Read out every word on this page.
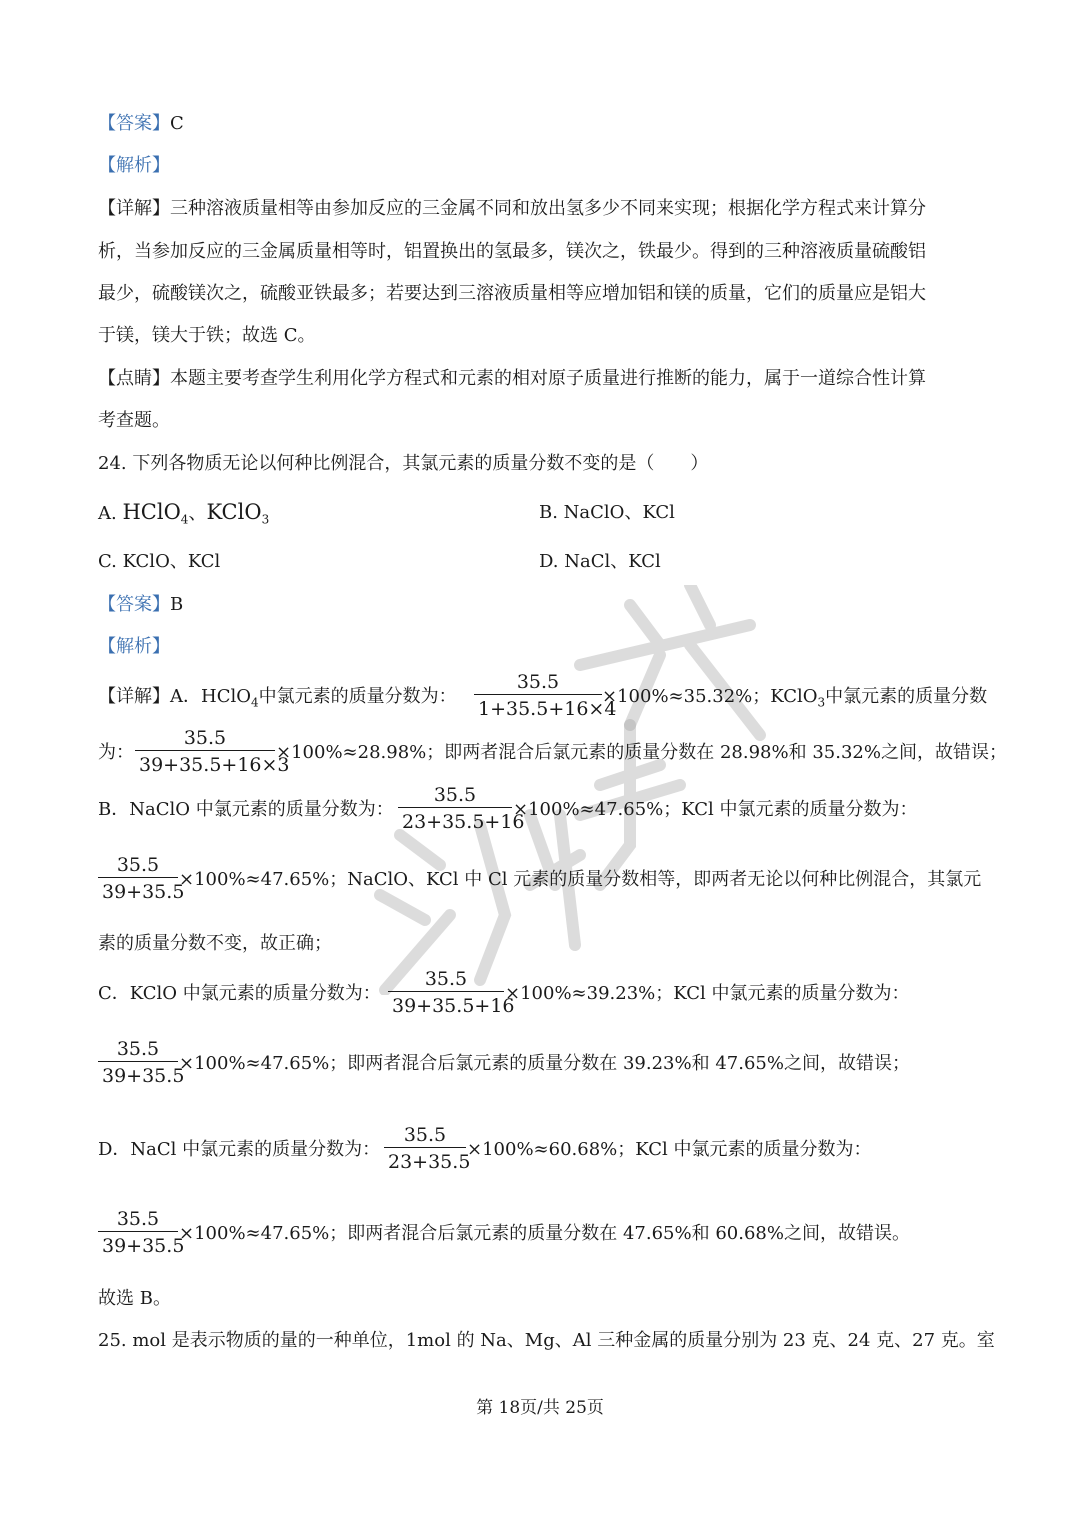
【答案】C
【解析】
【详解】三种溶液质量相等由参加反应的三金属不同和放出氢多少不同来实现；根据化学方程式来计算分
析，当参加反应的三金属质量相等时，铝置换出的氢最多，镁次之，铁最少。得到的三种溶液质量硫酸铝
最少，硫酸镁次之，硫酸亚铁最多；若要达到三溶液质量相等应增加铝和镁的质量，它们的质量应是铝大
于镁，镁大于铁；故选 C。
【点睛】本题主要考查学生利用化学方程式和元素的相对原子质量进行推断的能力，属于一道综合性计算
考查题。
24. 下列各物质无论以何种比例混合，其氯元素的质量分数不变的是（　　）
A. HClO$_4$、KClO$_3$	B. NaClO、KCl
C. KClO、KCl	D. NaCl、KCl
【答案】B
【解析】
【详解】A．HClO$_4$中氯元素的质量分数为： $\frac{35.5}{1+35.5+16\times 4} \times 100\%\approx 35.32\%$；KClO$_3$中氯元素的质量分数
为： $\frac{35.5}{39+35.5+16\times 3} \times 100\%\approx 28.98\%$；即两者混合后氯元素的质量分数在 28.98%和 35.32%之间，故错误；
B．NaClO 中氯元素的质量分数为： $\frac{35.5}{23+35.5+16} \times 100\%\approx 47.65\%$；KCl 中氯元素的质量分数为：
$\frac{35.5}{39+35.5} \times 100\%\approx 47.65\%$；NaClO、KCl 中 Cl 元素的质量分数相等，即两者无论以何种比例混合，其氯元
素的质量分数不变，故正确；
C．KClO 中氯元素的质量分数为： $\frac{35.5}{39+35.5+16} \times 100\%\approx 39.23\%$；KCl 中氯元素的质量分数为：
$\frac{35.5}{39+35.5} \times 100\%\approx 47.65\%$；即两者混合后氯元素的质量分数在 39.23%和 47.65%之间，故错误；
D．NaCl 中氯元素的质量分数为： $\frac{35.5}{23+35.5} \times 100\%\approx 60.68\%$；KCl 中氯元素的质量分数为：
$\frac{35.5}{39+35.5} \times 100\%\approx 47.65\%$；即两者混合后氯元素的质量分数在 47.65%和 60.68%之间，故错误。
故选 B。
25. mol 是表示物质的量的一种单位，1mol 的 Na、Mg、Al 三种金属的质量分别为 23 克、24 克、27 克。室
第 18页/共 25页
